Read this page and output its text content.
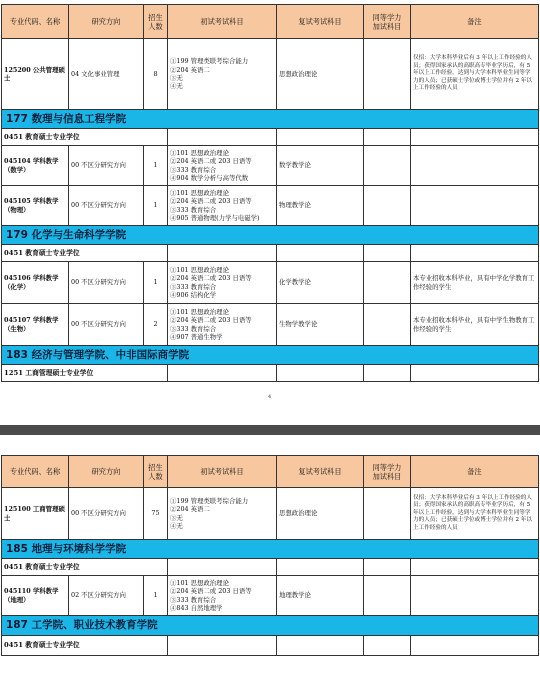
专业代码、名称	研究方向	招生
人数	初试考试科目	复试考试科目	同等学力
加试科目	备注
125200 公共管理硕士	04 文化事业管理	8	①199 管理类联考综合能力
②204 英语二
③无
④无	思想政治理论		仅招：大学本科毕业后有 3 年以上工作经验的人员；获得国家承认的高职高专毕业学历后，有 5 年以上工作经验，达到与大学本科毕业生同等学力的人员；已获硕士学位或博士学位并有 2 年以上工作经验的人员
177 数理与信息工程学院						
0451 教育硕士专业学位						
045104 学科教学（数学）	00 不区分研究方向	1	①101 思想政治理论
②204 英语二或 203 日语等
③333 教育综合
④904 数学分析与高等代数	数学教学论		
045105 学科教学（物理）	00 不区分研究方向	1	①101 思想政治理论
②204 英语二或 203 日语等
③333 教育综合
④905 普通物理(力学与电磁学)	物理教学论		
179 化学与生命科学学院						
0451 教育硕士专业学位						
045106 学科教学（化学）	00 不区分研究方向	1	①101 思想政治理论
②204 英语二或 203 日语等
③333 教育综合
④906 结构化学	化学教学论		本专业招收本科毕业，具有中学化学教育工作经验的学生
045107 学科教学（生物）	00 不区分研究方向	2	①101 思想政治理论
②204 英语二或 203 日语等
③333 教育综合
④907 普通生物学	生物学教学论		本专业招收本科毕业，具有中学生物教育工作经验的学生
183 经济与管理学院、中非国际商学院						
1251 工商管理硕士专业学位						
4
专业代码、名称	研究方向	招生
人数	初试考试科目	复试考试科目	同等学力
加试科目	备注
125100 工商管理硕士	00 不区分研究方向	75	①199 管理类联考综合能力
②204 英语二
③无
④无	思想政治理论		仅招：大学本科毕业后有 3 年以上工作经验的人员；获得国家承认的高职高专毕业学历后，有 5 年以上工作经验，达到与大学本科毕业生同等学力的人员；已获硕士学位或博士学位并有 2 年以上工作经验的人员
185 地理与环境科学学院						
0451 教育硕士专业学位						
045110 学科教学（地理）	02 不区分研究方向	1	①101 思想政治理论
②204 英语二或 203 日语等
③333 教育综合
④843 自然地理学	地理教学论		
187 工学院、职业技术教育学院						
0451 教育硕士专业学位						
